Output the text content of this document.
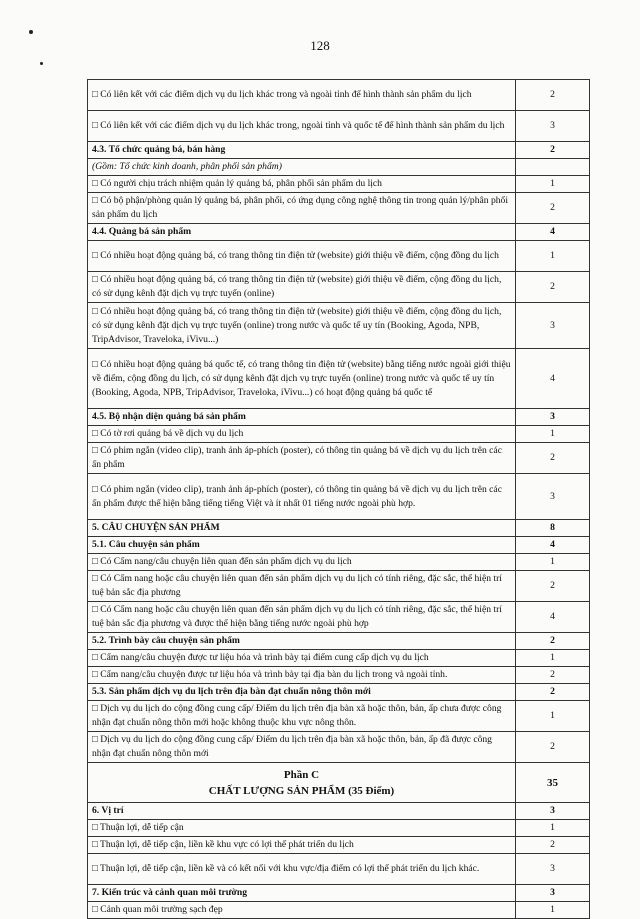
128
□ Có liên kết với các điểm dịch vụ du lịch khác trong và ngoài tỉnh để hình thành sản phẩm du lịch	2
□ Có liên kết với các điểm dịch vụ du lịch khác trong, ngoài tỉnh và quốc tế để hình thành sản phẩm du lịch	3
4.3. Tổ chức quảng bá, bán hàng	2
(Gồm: Tổ chức kinh doanh, phân phối sản phẩm)	
□ Có người chịu trách nhiệm quản lý quảng bá, phân phối sản phẩm du lịch	1
□ Có bộ phận/phòng quản lý quảng bá, phân phối, có ứng dụng công nghệ thông tin trong quản lý/phân phối sản phẩm du lịch	2
4.4. Quảng bá sản phẩm	4
□ Có nhiều hoạt động quảng bá, có trang thông tin điện tử (website) giới thiệu về điểm, cộng đồng du lịch	1
□ Có nhiều hoạt động quảng bá, có trang thông tin điện tử (website) giới thiệu về điểm, cộng đồng du lịch, có sử dụng kênh đặt dịch vụ trực tuyến (online)	2
□ Có nhiều hoạt động quảng bá, có trang thông tin điện tử (website) giới thiệu về điểm, cộng đồng du lịch, có sử dụng kênh đặt dịch vụ trực tuyến (online) trong nước và quốc tế uy tín (Booking, Agoda, NPB, TripAdvisor, Traveloka, iVivu...)	3
□ Có nhiều hoạt động quảng bá quốc tế, có trang thông tin điện tử (website) bằng tiếng nước ngoài giới thiệu về điểm, cộng đồng du lịch, có sử dụng kênh đặt dịch vụ trực tuyến (online) trong nước và quốc tế uy tín (Booking, Agoda, NPB, TripAdvisor, Traveloka, iVivu...) có hoạt động quảng bá quốc tế	4
4.5. Bộ nhận diện quảng bá sản phẩm	3
□ Có tờ rơi quảng bá về dịch vụ du lịch	1
□ Có phim ngắn (video clip), tranh ảnh áp-phích (poster), có thông tin quảng bá về dịch vụ du lịch trên các ấn phẩm	2
□ Có phim ngắn (video clip), tranh ảnh áp-phích (poster), có thông tin quảng bá về dịch vụ du lịch trên các ấn phẩm được thể hiện bằng tiếng tiếng Việt và ít nhất 01 tiếng nước ngoài phù hợp.	3
5. CÂU CHUYỆN SẢN PHẨM	8
5.1. Câu chuyện sản phẩm	4
□ Có Cẩm nang/câu chuyện liên quan đến sản phẩm dịch vụ du lịch	1
□ Có Cẩm nang hoặc câu chuyện liên quan đến sản phẩm dịch vụ du lịch có tính riêng, đặc sắc, thể hiện trí tuệ bản sắc địa phương	2
□ Có Cẩm nang hoặc câu chuyện liên quan đến sản phẩm dịch vụ du lịch có tính riêng, đặc sắc, thể hiện trí tuệ bản sắc địa phương và được thể hiện bằng tiếng nước ngoài phù hợp	4
5.2. Trình bày câu chuyện sản phẩm	2
□ Cẩm nang/câu chuyện được tư liệu hóa và trình bày tại điểm cung cấp dịch vụ du lịch	1
□ Cẩm nang/câu chuyện được tư liệu hóa và trình bày tại địa bàn du lịch trong và ngoài tỉnh.	2
5.3. Sản phẩm dịch vụ du lịch trên địa bàn đạt chuẩn nông thôn mới	2
□ Dịch vụ du lịch do cộng đồng cung cấp/ Điểm du lịch trên địa bàn xã hoặc thôn, bản, ấp chưa được công nhận đạt chuẩn nông thôn mới hoặc không thuộc khu vực nông thôn.	1
□ Dịch vụ du lịch do cộng đồng cung cấp/ Điểm du lịch trên địa bàn xã hoặc thôn, bản, ấp đã được công nhận đạt chuẩn nông thôn mới	2

Phần C
CHẤT LƯỢNG SẢN PHẨM (35 Điểm)	35
6. Vị trí	3
□ Thuận lợi, dễ tiếp cận	1
□ Thuận lợi, dễ tiếp cận, liền kề khu vực có lợi thế phát triển du lịch	2
□ Thuận lợi, dễ tiếp cận, liền kề và có kết nối với khu vực/địa điểm có lợi thế phát triển du lịch khác.	3
7. Kiến trúc và cảnh quan môi trường	3
□ Cảnh quan môi trường sạch đẹp	1
